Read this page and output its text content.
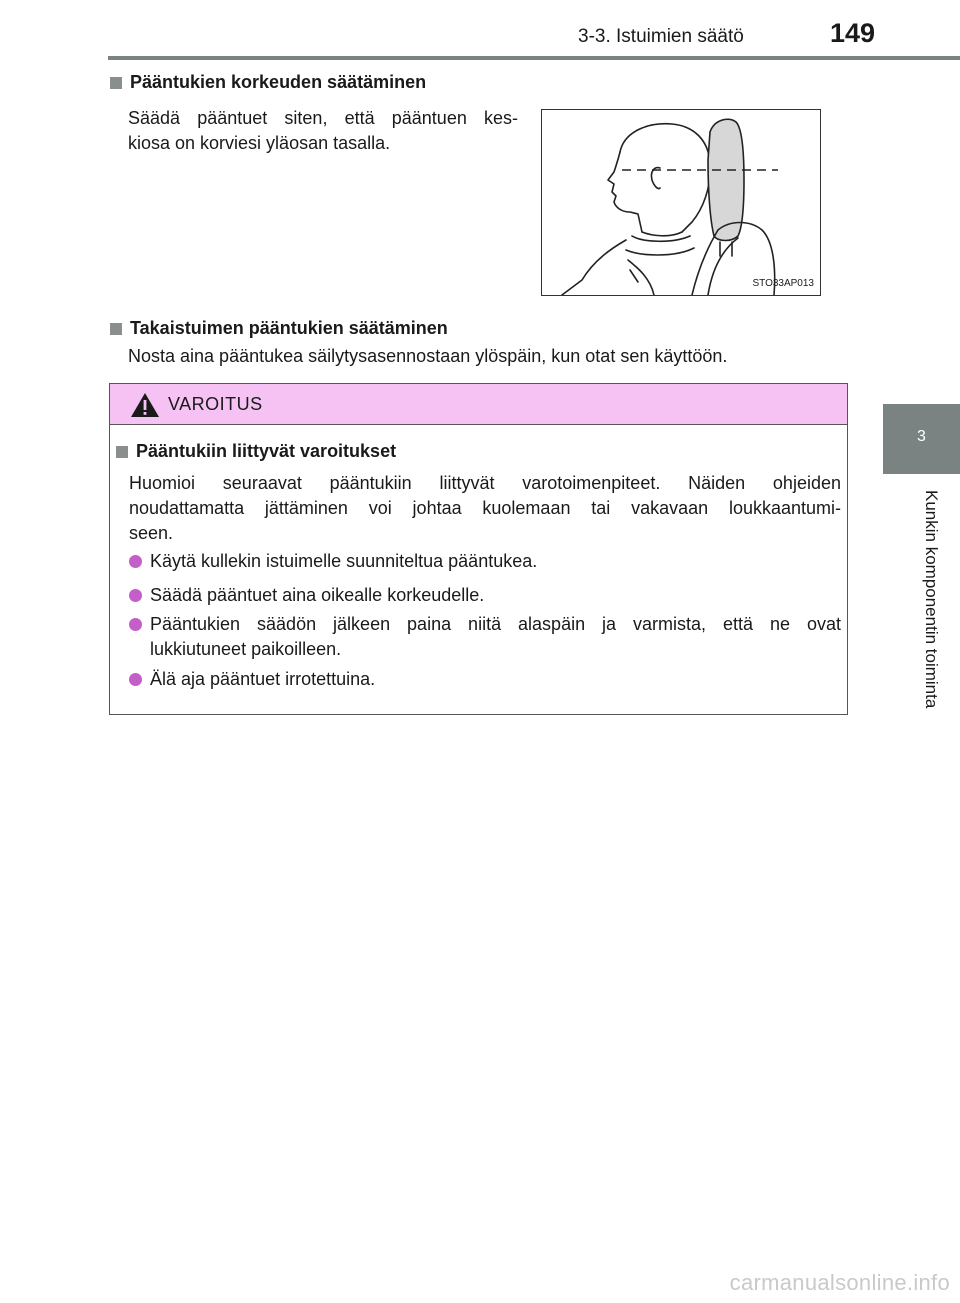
3-3. Istuimien säätö	149
3
Kunkin komponentin toiminta
Pääntukien korkeuden säätäminen
Säädä pääntuet siten, että pääntuen kes-
kiosa on korviesi yläosan tasalla.
STO33AP013
Takaistuimen pääntukien säätäminen
Nosta aina pääntukea säilytysasennostaan ylöspäin, kun otat sen käyttöön.
VAROITUS
Pääntukiin liittyvät varoitukset
Huomioi seuraavat pääntukiin liittyvät varotoimenpiteet. Näiden ohjeiden
noudattamatta jättäminen voi johtaa kuolemaan tai vakavaan loukkaantumi-
seen.
Käytä kullekin istuimelle suunniteltua pääntukea.
Säädä pääntuet aina oikealle korkeudelle.
Pääntukien säädön jälkeen paina niitä alaspäin ja varmista, että ne ovat
lukkiutuneet paikoilleen.
Älä aja pääntuet irrotettuina.
carmanualsonline.info
